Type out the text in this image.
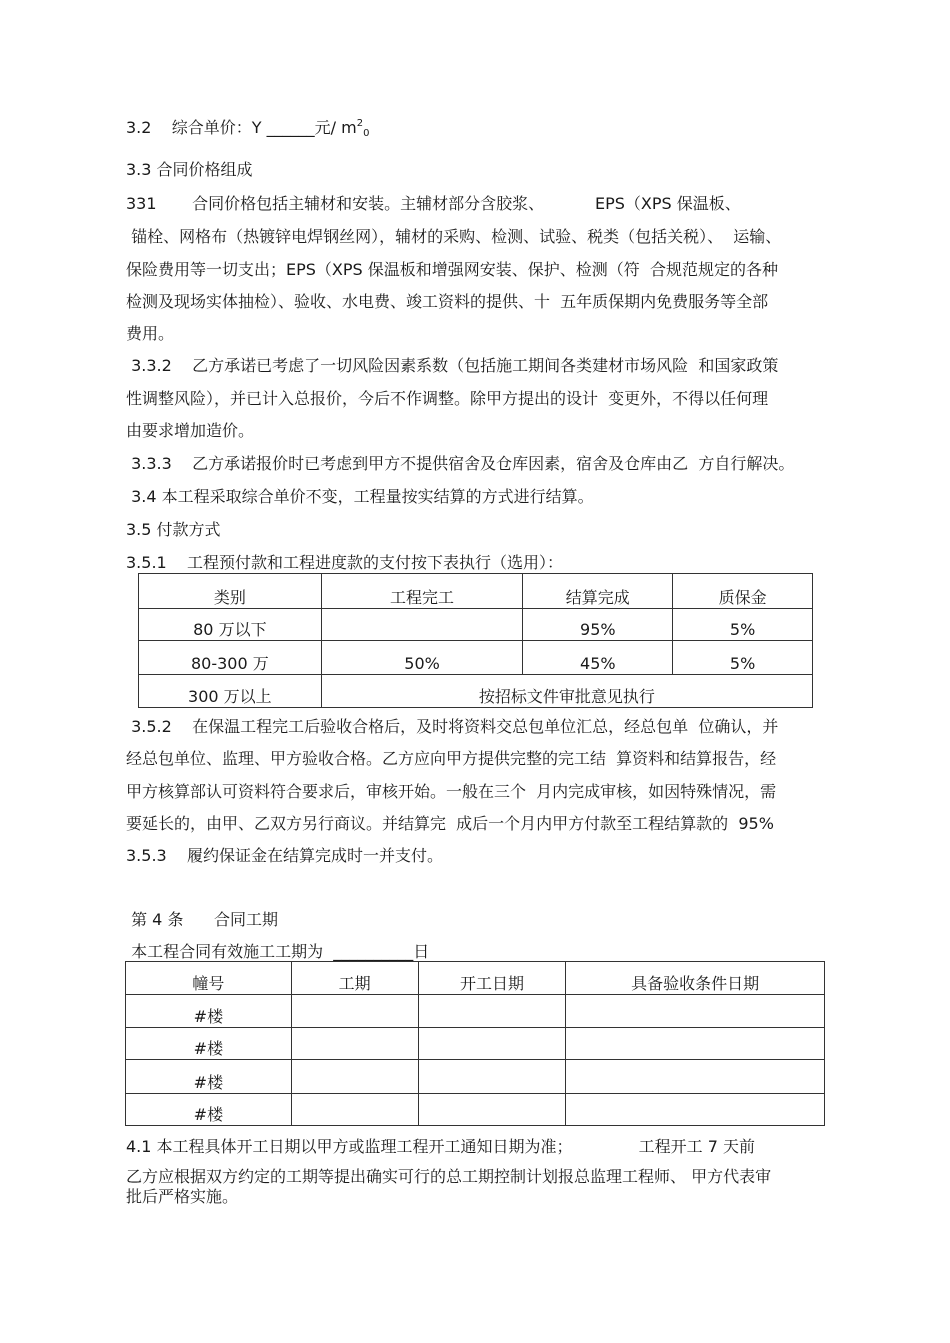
3.2    综合单价：Y ______元/ $m^20$
3.3 合同价格组成
331       合同价格包括主辅材和安装。主辅材部分含胶浆、          EPS（XPS 保温板、
锚栓、网格布（热镀锌电焊钢丝网），辅材的采购、检测、试验、税类（包括关税）、  运输、
保险费用等一切支出；EPS（XPS 保温板和增强网安装、保护、检测（符  合规范规定的各种
检测及现场实体抽检）、验收、水电费、竣工资料的提供、十  五年质保期内免费服务等全部
费用。
3.3.2    乙方承诺已考虑了一切风险因素系数（包括施工期间各类建材市场风险  和国家政策
性调整风险），并已计入总报价，今后不作调整。除甲方提出的设计  变更外，不得以任何理
由要求增加造价。
3.3.3    乙方承诺报价时已考虑到甲方不提供宿舍及仓库因素，宿舍及仓库由乙  方自行解决。
3.4 本工程采取综合单价不变，工程量按实结算的方式进行结算。
3.5 付款方式
3.5.1    工程预付款和工程进度款的支付按下表执行（选用）：
类别	工程完工	结算完成	质保金
80 万以下		95%	5%
80-300 万	50%	45%	5%
300 万以上	按招标文件审批意见执行		
3.5.2    在保温工程完工后验收合格后，及时将资料交总包单位汇总，经总包单  位确认，并
经总包单位、监理、甲方验收合格。乙方应向甲方提供完整的完工结  算资料和结算报告，经
甲方核算部认可资料符合要求后，审核开始。一般在三个  月内完成审核，如因特殊情况，需
要延长的，由甲、乙双方另行商议。并结算完  成后一个月内甲方付款至工程结算款的  95%
3.5.3    履约保证金在结算完成时一并支付。
第 4 条      合同工期
本工程合同有效施工工期为  __________日
幢号	工期	开工日期	具备验收条件日期
#楼			
#楼			
#楼			
#楼			
4.1 本工程具体开工日期以甲方或监理工程开工通知日期为准；             工程开工 7 天前
乙方应根据双方约定的工期等提出确实可行的总工期控制计划报总监理工程师、 甲方代表审
批后严格实施。
